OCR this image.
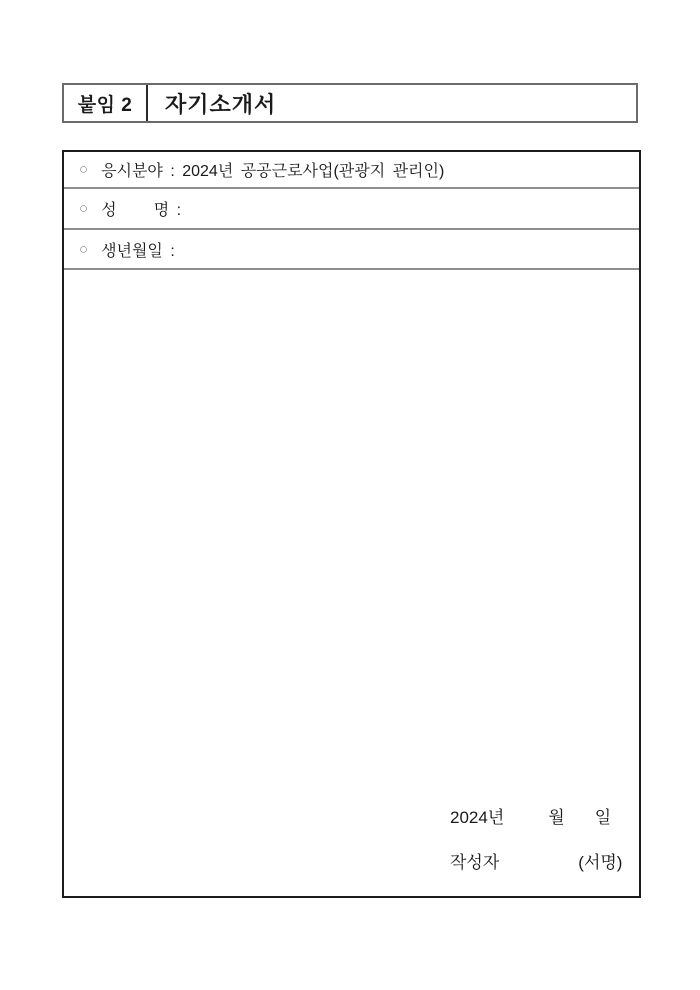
붙임 2	자기소개서
○ 응시분야 : 2024년 공공근로사업(관광지 관리인)
○ 성     명 :
○ 생년월일 :
2024년	월 일
작성자	(서명)
